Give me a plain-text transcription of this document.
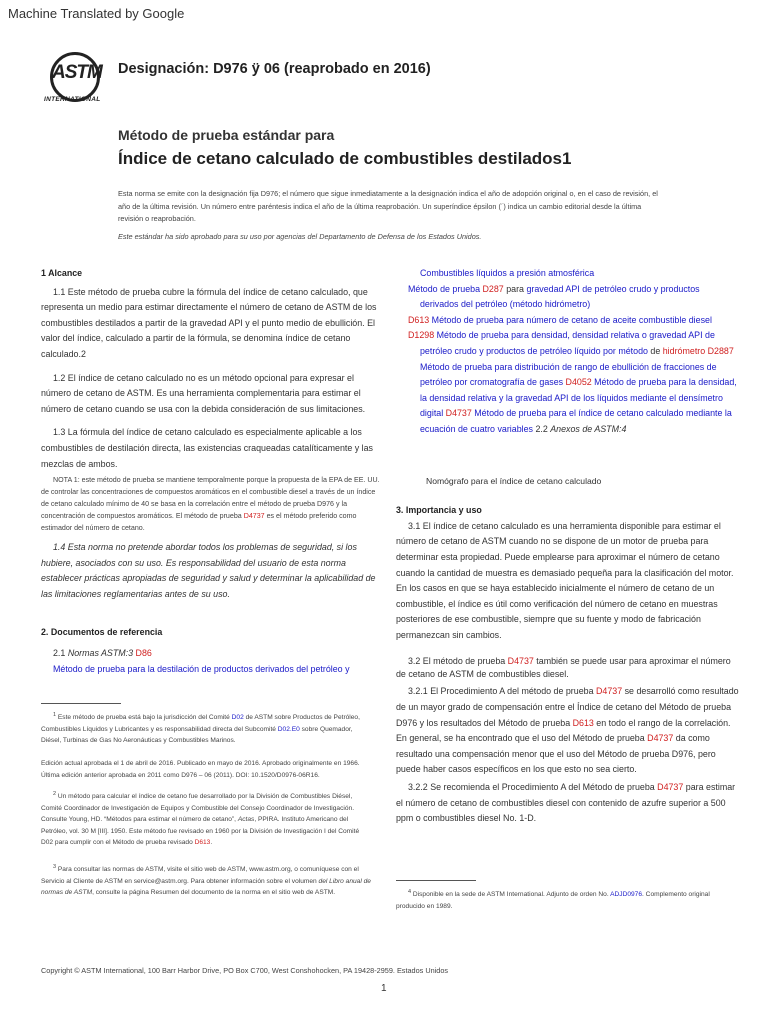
Machine Translated by Google
ASTM
INTERNATIONAL
Designación: D976 ÿ 06 (reaprobado en 2016)
Método de prueba estándar para
Índice de cetano calculado de combustibles destilados1
Esta norma se emite con la designación fija D976; el número que sigue inmediatamente a la designación indica el año de adopción original o, en el caso de revisión, el año de la última revisión. Un número entre paréntesis indica el año de la última reaprobación. Un superíndice épsilon (´) indica un cambio editorial desde la última revisión o reaprobación.
Este estándar ha sido aprobado para su uso por agencias del Departamento de Defensa de los Estados Unidos.
1 Alcance
1.1 Este método de prueba cubre la fórmula del índice de cetano calculado, que representa un medio para estimar directamente el número de cetano de ASTM de los combustibles destilados a partir de la gravedad API y el punto medio de ebullición. El valor del índice, calculado a partir de la fórmula, se denomina índice de cetano calculado.2
1.2 El índice de cetano calculado no es un método opcional para expresar el número de cetano de ASTM. Es una herramienta complementaria para estimar el número de cetano cuando se usa con la debida consideración de sus limitaciones.
1.3 La fórmula del índice de cetano calculado es especialmente aplicable a los combustibles de destilación directa, las existencias craqueadas catalíticamente y las mezclas de ambos.
NOTA 1: este método de prueba se mantiene temporalmente porque la propuesta de la EPA de EE. UU. de controlar las concentraciones de compuestos aromáticos en el combustible diesel a través de un índice de cetano calculado mínimo de 40 se basa en la correlación entre el método de prueba D976 y la concentración de compuestos aromáticos. El método de prueba D4737 es el método preferido como estimador del número de cetano.
1.4 Esta norma no pretende abordar todos los problemas de seguridad, si los hubiere, asociados con su uso. Es responsabilidad del usuario de esta norma establecer prácticas apropiadas de seguridad y salud y determinar la aplicabilidad de las limitaciones reglamentarias antes de su uso.
2. Documentos de referencia
2.1 Normas ASTM:3 D86
Método de prueba para la destilación de productos derivados del petróleo y
$^1$ Este método de prueba está bajo la jurisdicción del Comité D02 de ASTM sobre Productos de Petróleo, Combustibles Líquidos y Lubricantes y es responsabilidad directa del Subcomité D02.E0 sobre Quemador, Diésel, Turbinas de Gas No Aeronáuticas y Combustibles Marinos.
Edición actual aprobada el 1 de abril de 2016. Publicado en mayo de 2016. Aprobado originalmente en 1966. Última edición anterior aprobada en 2011 como D976 – 06 (2011). DOI: 10.1520/D0976-06R16.
$^2$ Un método para calcular el índice de cetano fue desarrollado por la División de Combustibles Diésel, Comité Coordinador de Investigación de Equipos y Combustible del Consejo Coordinador de Investigación. Consulte Young, HD. “Métodos para estimar el número de cetano”, Actas, PPIRA. Instituto Americano del Petróleo, vol. 30 M [III]. 1950. Este método fue revisado en 1960 por la División de Investigación I del Comité D02 para cumplir con el Método de prueba revisado D613.
$^3$ Para consultar las normas de ASTM, visite el sitio web de ASTM, www.astm.org, o comuníquese con el Servicio al Cliente de ASTM en service@astm.org. Para obtener información sobre el volumen del Libro anual de normas de ASTM, consulte la página Resumen del documento de la norma en el sitio web de ASTM.
Combustibles líquidos a presión atmosférica
Método de prueba D287 para gravedad API de petróleo crudo y productos derivados del petróleo (método hidrómetro)
D613 Método de prueba para número de cetano de aceite combustible diesel
D1298 Método de prueba para densidad, densidad relativa o gravedad API de petróleo crudo y productos de petróleo líquido por método de hidrómetro D2887 Método de prueba para distribución de rango de ebullición de fracciones de petróleo por cromatografía de gases D4052 Método de prueba para la densidad, la densidad relativa y la gravedad API de los líquidos mediante el densímetro digital D4737 Método de prueba para el índice de cetano calculado mediante la ecuación de cuatro variables 2.2 Anexos de ASTM:4
Nomógrafo para el índice de cetano calculado
3. Importancia y uso
3.1 El índice de cetano calculado es una herramienta disponible para estimar el número de cetano de ASTM cuando no se dispone de un motor de prueba para determinar esta propiedad. Puede emplearse para aproximar el número de cetano cuando la cantidad de muestra es demasiado pequeña para la clasificación del motor. En los casos en que se haya establecido inicialmente el número de cetano de un combustible, el índice es útil como verificación del número de cetano en muestras posteriores de ese combustible, siempre que su fuente y modo de fabricación permanezcan sin cambios.
3.2 El método de prueba D4737 también se puede usar para aproximar el número de cetano de ASTM de combustibles diesel.
3.2.1 El Procedimiento A del método de prueba D4737 se desarrolló como resultado de un mayor grado de compensación entre el Índice de cetano del Método de prueba D976 y los resultados del Método de prueba D613 en todo el rango de la correlación. En general, se ha encontrado que el uso del Método de prueba D4737 da como resultado una compensación menor que el uso del Método de prueba D976, pero puede haber casos específicos en los que esto no sea cierto.
3.2.2 Se recomienda el Procedimiento A del Método de prueba D4737 para estimar el número de cetano de combustibles diesel con contenido de azufre superior a 500 ppm o combustibles diesel No. 1-D.
$^4$ Disponible en la sede de ASTM International. Adjunto de orden No. ADJD0976. Complemento original producido en 1989.
Copyright © ASTM International, 100 Barr Harbor Drive, PO Box C700, West Conshohocken, PA 19428-2959. Estados Unidos
1
